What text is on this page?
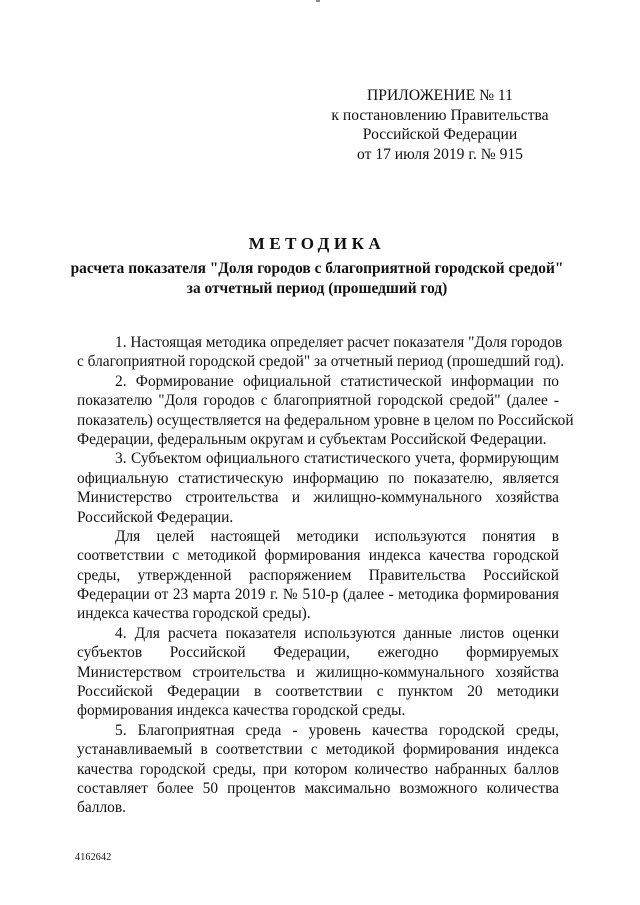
ПРИЛОЖЕНИЕ № 11
к постановлению Правительства
Российской Федерации
от 17 июля 2019 г. № 915
МЕТОДИКА
расчета показателя "Доля городов с благоприятной городской средой"
за отчетный период (прошедший год)
1. Настоящая методика определяет расчет показателя "Доля городов
с благоприятной городской средой" за отчетный период (прошедший год).
2. Формирование официальной статистической информации по
показателю "Доля городов с благоприятной городской средой" (далее -
показатель) осуществляется на федеральном уровне в целом по Российской
Федерации, федеральным округам и субъектам Российской Федерации.
3. Субъектом официального статистического учета, формирующим
официальную статистическую информацию по показателю, является
Министерство строительства и жилищно-коммунального хозяйства
Российской Федерации.
Для целей настоящей методики используются понятия в
соответствии с методикой формирования индекса качества городской
среды, утвержденной распоряжением Правительства Российской
Федерации от 23 марта 2019 г. № 510-р (далее - методика формирования
индекса качества городской среды).
4. Для расчета показателя используются данные листов оценки
субъектов Российской Федерации, ежегодно формируемых
Министерством строительства и жилищно-коммунального хозяйства
Российской Федерации в соответствии с пунктом 20 методики
формирования индекса качества городской среды.
5. Благоприятная среда - уровень качества городской среды,
устанавливаемый в соответствии с методикой формирования индекса
качества городской среды, при котором количество набранных баллов
составляет более 50 процентов максимально возможного количества
баллов.
4162642
